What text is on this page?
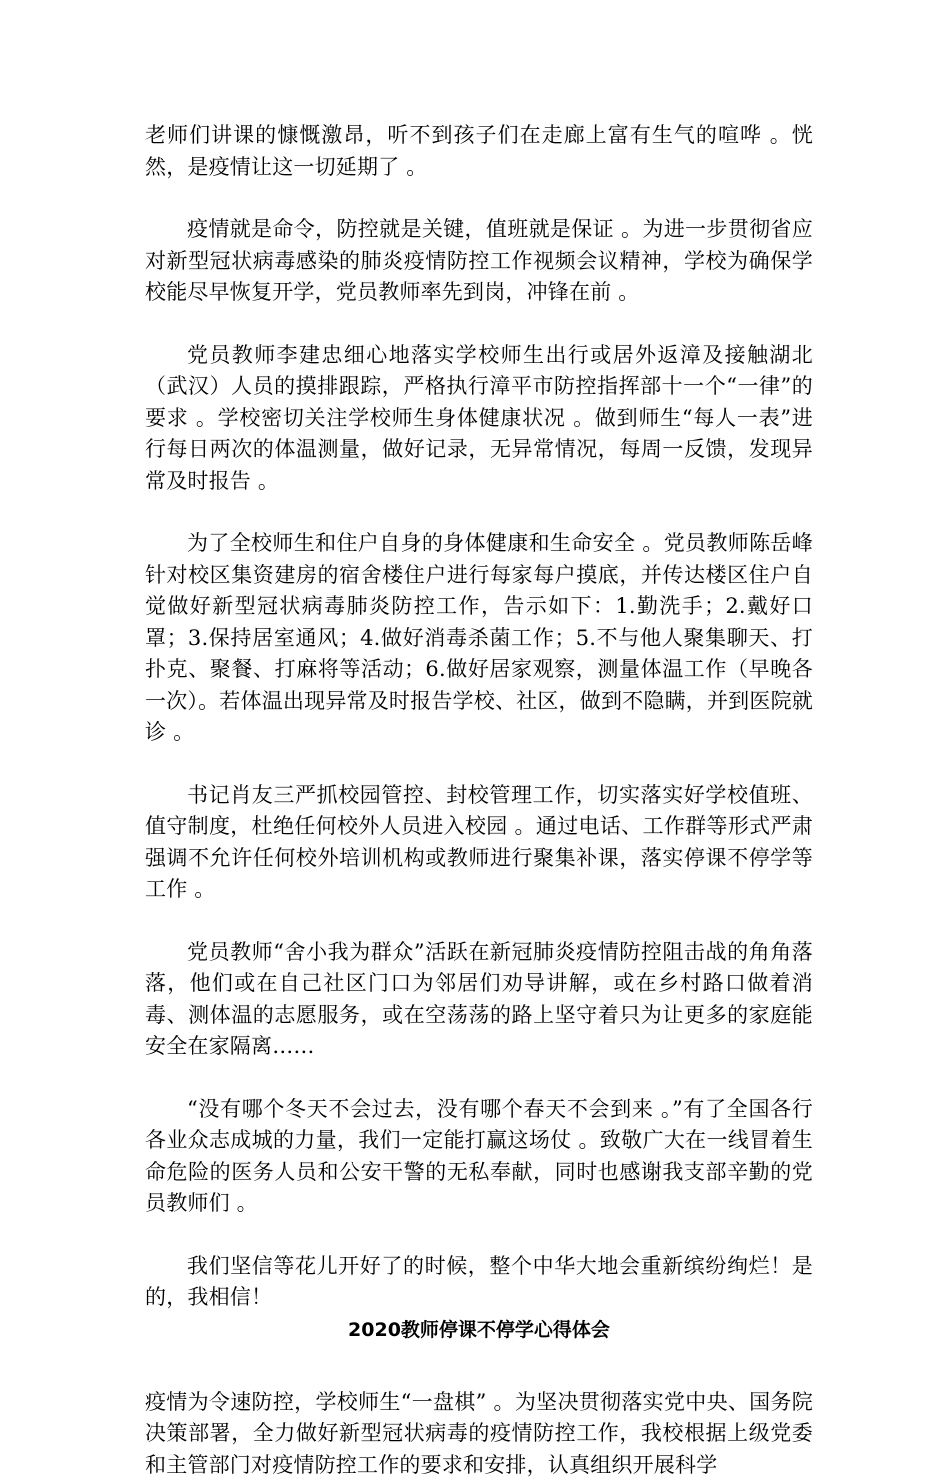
老师们讲课的慷慨激昂，听不到孩子们在走廊上富有生气的喧哗 。恍然，是疫情让这一切延期了 。

疫情就是命令，防控就是关键，值班就是保证 。为进一步贯彻省应对新型冠状病毒感染的肺炎疫情防控工作视频会议精神，学校为确保学校能尽早恢复开学，党员教师率先到岗，冲锋在前 。

党员教师李建忠细心地落实学校师生出行或居外返漳及接触湖北（武汉）人员的摸排跟踪，严格执行漳平市防控指挥部十一个“一律”的要求 。学校密切关注学校师生身体健康状况 。做到师生“每人一表”进行每日两次的体温测量，做好记录，无异常情况，每周一反馈，发现异常及时报告 。

为了全校师生和住户自身的身体健康和生命安全 。党员教师陈岳峰针对校区集资建房的宿舍楼住户进行每家每户摸底，并传达楼区住户自觉做好新型冠状病毒肺炎防控工作，告示如下：1.勤洗手；2.戴好口罩；3.保持居室通风；4.做好消毒杀菌工作；5.不与他人聚集聊天、打扑克、聚餐、打麻将等活动；6.做好居家观察，测量体温工作（早晚各一次）。若体温出现异常及时报告学校、社区，做到不隐瞒，并到医院就诊 。

书记肖友三严抓校园管控、封校管理工作，切实落实好学校值班、值守制度，杜绝任何校外人员进入校园 。通过电话、工作群等形式严肃强调不允许任何校外培训机构或教师进行聚集补课，落实停课不停学等工作 。

党员教师“舍小我为群众”活跃在新冠肺炎疫情防控阻击战的角角落落，他们或在自己社区门口为邻居们劝导讲解，或在乡村路口做着消毒、测体温的志愿服务，或在空荡荡的路上坚守着只为让更多的家庭能安全在家隔离……

“没有哪个冬天不会过去，没有哪个春天不会到来 。”有了全国各行各业众志成城的力量，我们一定能打赢这场仗 。致敬广大在一线冒着生命危险的医务人员和公安干警的无私奉献，同时也感谢我支部辛勤的党员教师们 。

我们坚信等花儿开好了的时候，整个中华大地会重新缤纷绚烂！是的，我相信！

2020教师停课不停学心得体会

疫情为令速防控，学校师生“一盘棋” 。为坚决贯彻落实党中央、国务院决策部署，全力做好新型冠状病毒的疫情防控工作，我校根据上级党委和主管部门对疫情防控工作的要求和安排，认真组织开展科学
